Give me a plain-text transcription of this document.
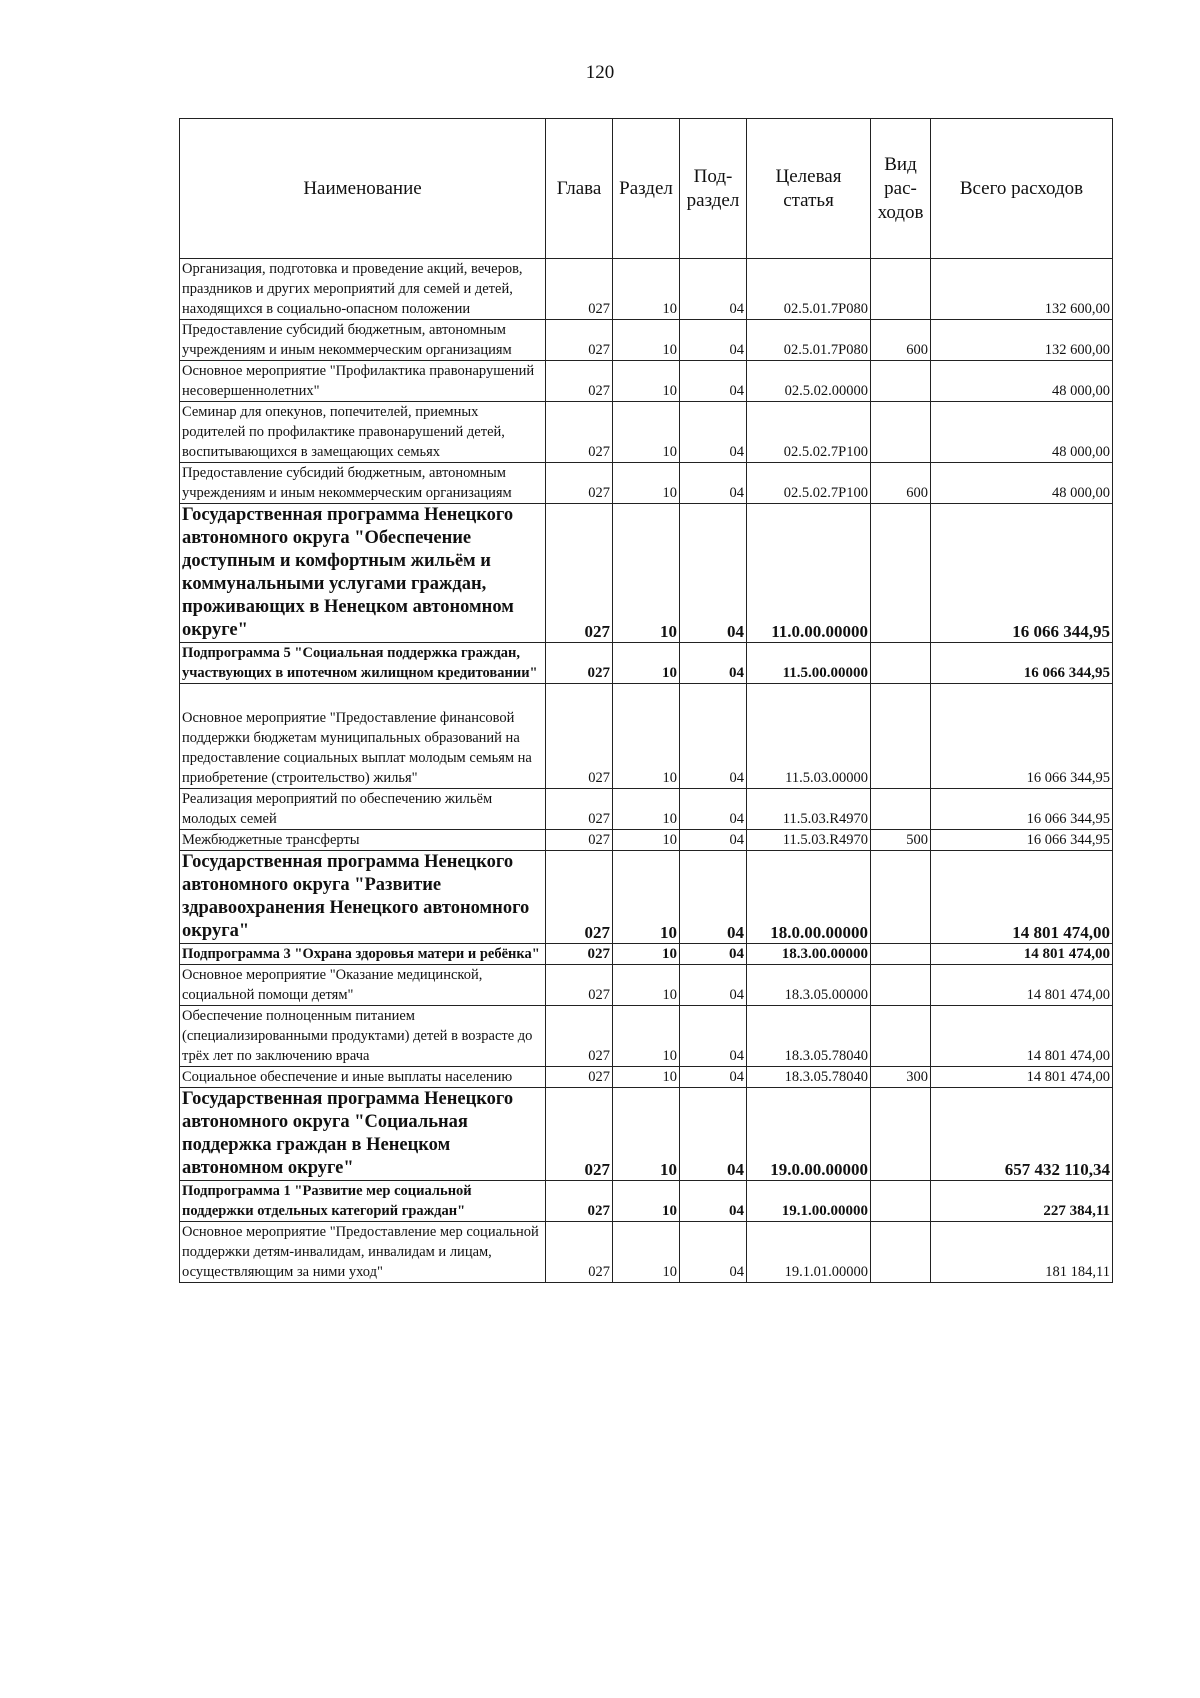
120
Наименование	Глава	Раздел	Под-раздел	Целевая статья	Вид рас-ходов	Всего расходов
Организация, подготовка и проведение акций, вечеров, праздников и других мероприятий для семей и детей, находящихся в социально-опасном положении	027	10	04	02.5.01.7Р080		132 600,00
Предоставление субсидий бюджетным, автономным учреждениям и иным некоммерческим организациям	027	10	04	02.5.01.7Р080	600	132 600,00
Основное мероприятие "Профилактика правонарушений несовершеннолетних"	027	10	04	02.5.02.00000		48 000,00
Семинар для опекунов, попечителей, приемных родителей по профилактике правонарушений детей, воспитывающихся в замещающих семьях	027	10	04	02.5.02.7Р100		48 000,00
Предоставление субсидий бюджетным, автономным учреждениям и иным некоммерческим организациям	027	10	04	02.5.02.7Р100	600	48 000,00
Государственная программа Ненецкого автономного округа "Обеспечение доступным и комфортным жильём и коммунальными услугами граждан, проживающих в Ненецком автономном округе"	027	10	04	11.0.00.00000		16 066 344,95
Подпрограмма 5 "Социальная поддержка граждан, участвующих в ипотечном жилищном кредитовании"	027	10	04	11.5.00.00000		16 066 344,95
Основное мероприятие "Предоставление финансовой поддержки бюджетам муниципальных образований на предоставление социальных выплат молодым семьям на приобретение (строительство) жилья"	027	10	04	11.5.03.00000		16 066 344,95
Реализация мероприятий по обеспечению жильём молодых семей	027	10	04	11.5.03.R4970		16 066 344,95
Межбюджетные трансферты	027	10	04	11.5.03.R4970	500	16 066 344,95
Государственная программа Ненецкого автономного округа "Развитие здравоохранения Ненецкого автономного округа"	027	10	04	18.0.00.00000		14 801 474,00
Подпрограмма 3 "Охрана здоровья матери и ребёнка"	027	10	04	18.3.00.00000		14 801 474,00
Основное мероприятие "Оказание медицинской, социальной помощи детям"	027	10	04	18.3.05.00000		14 801 474,00
Обеспечение полноценным питанием (специализированными продуктами) детей в возрасте до трёх лет по заключению врача	027	10	04	18.3.05.78040		14 801 474,00
Социальное обеспечение и иные выплаты населению	027	10	04	18.3.05.78040	300	14 801 474,00
Государственная программа Ненецкого автономного округа "Социальная поддержка граждан в Ненецком автономном округе"	027	10	04	19.0.00.00000		657 432 110,34
Подпрограмма 1 "Развитие мер социальной поддержки отдельных категорий граждан"	027	10	04	19.1.00.00000		227 384,11
Основное мероприятие "Предоставление мер социальной поддержки детям-инвалидам, инвалидам и лицам, осуществляющим за ними уход"	027	10	04	19.1.01.00000		181 184,11
